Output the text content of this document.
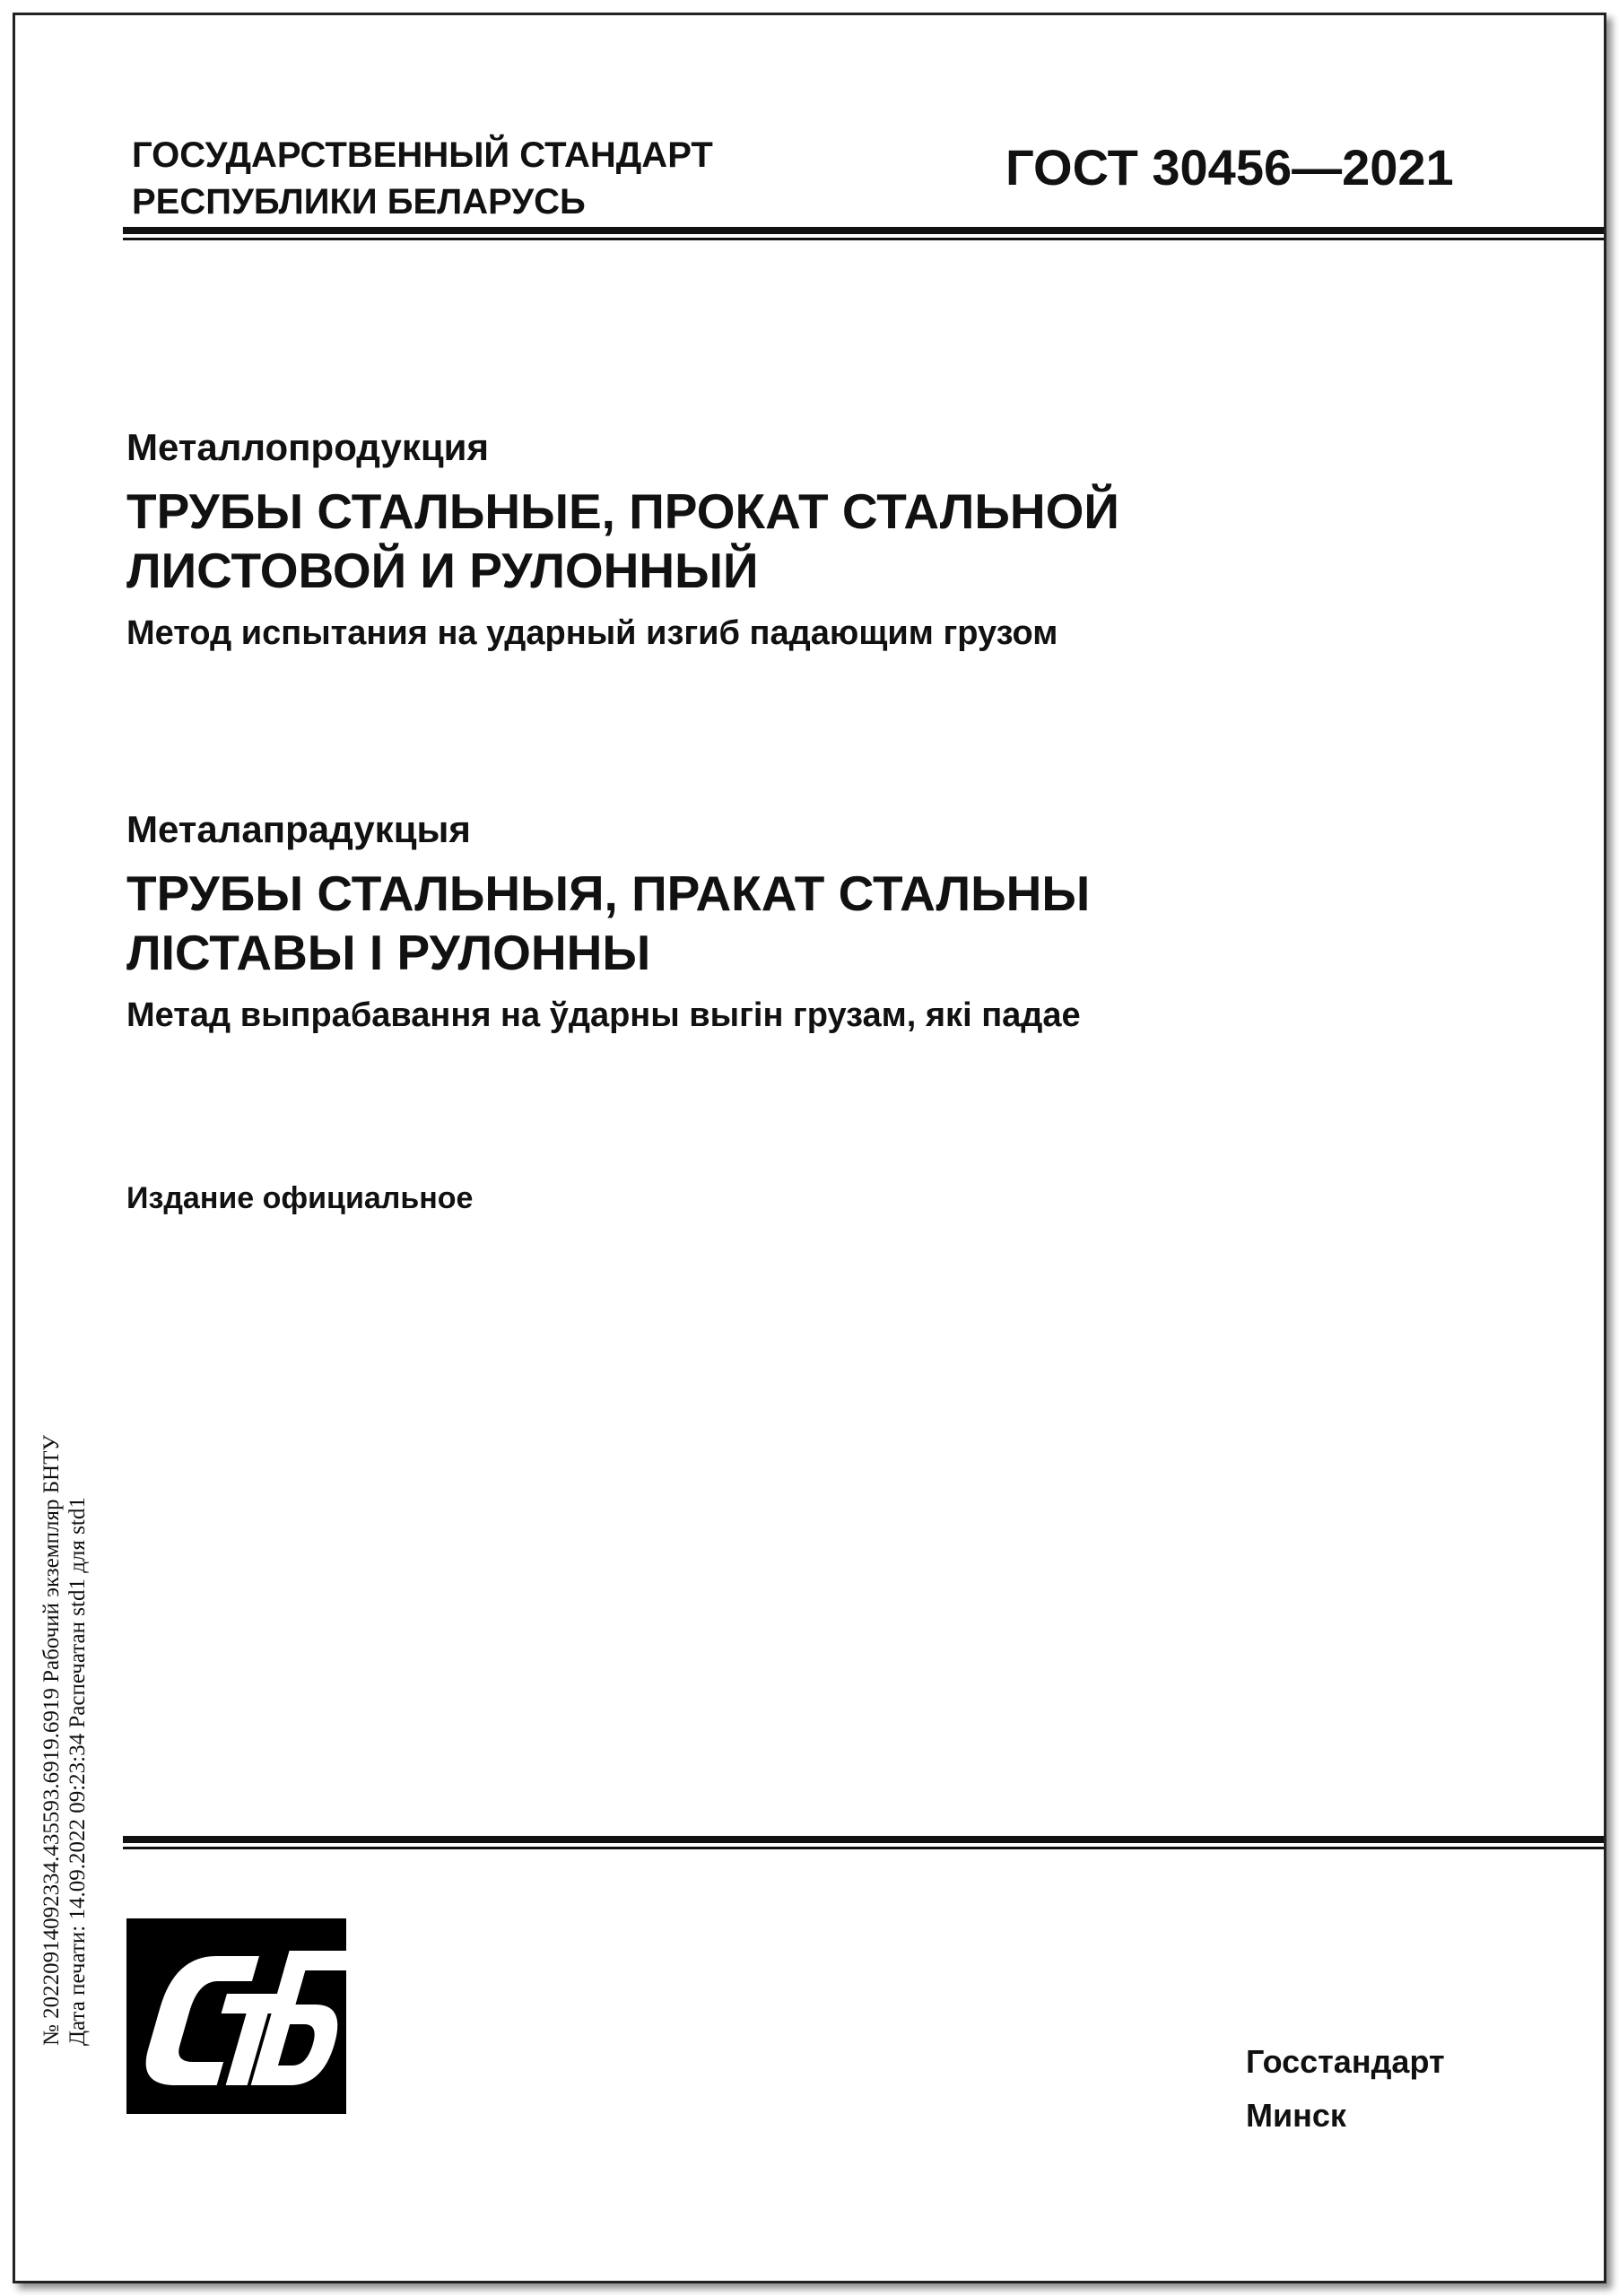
ГОСУДАРСТВЕННЫЙ СТАНДАРТ
РЕСПУБЛИКИ БЕЛАРУСЬ
ГОСТ 30456—2021
Металлопродукция
ТРУБЫ СТАЛЬНЫЕ, ПРОКАТ СТАЛЬНОЙ
ЛИСТОВОЙ И РУЛОННЫЙ
Метод испытания на ударный изгиб падающим грузом
Металапрадукцыя
ТРУБЫ СТАЛЬНЫЯ, ПРАКАТ СТАЛЬНЫ
ЛІСТАВЫ І РУЛОННЫ
Метад выпрабавання на ўдарны выгін грузам, які падае
Издание официальное
Госстандарт
Минск
№ 20220914092334.435593.6919.6919 Рабочий экземпляр БНТУ Дата печати: 14.09.2022 09:23:34 Распечатан std1 для std1
